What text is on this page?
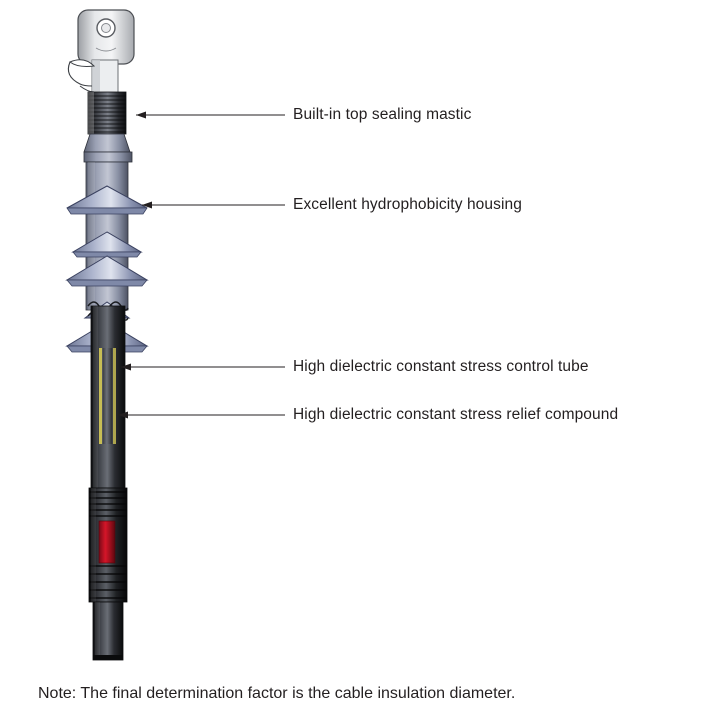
Built-in top sealing mastic
Excellent hydrophobicity housing
High dielectric constant stress control tube
High dielectric constant stress relief compound
Note: The final determination factor is the cable insulation diameter.
